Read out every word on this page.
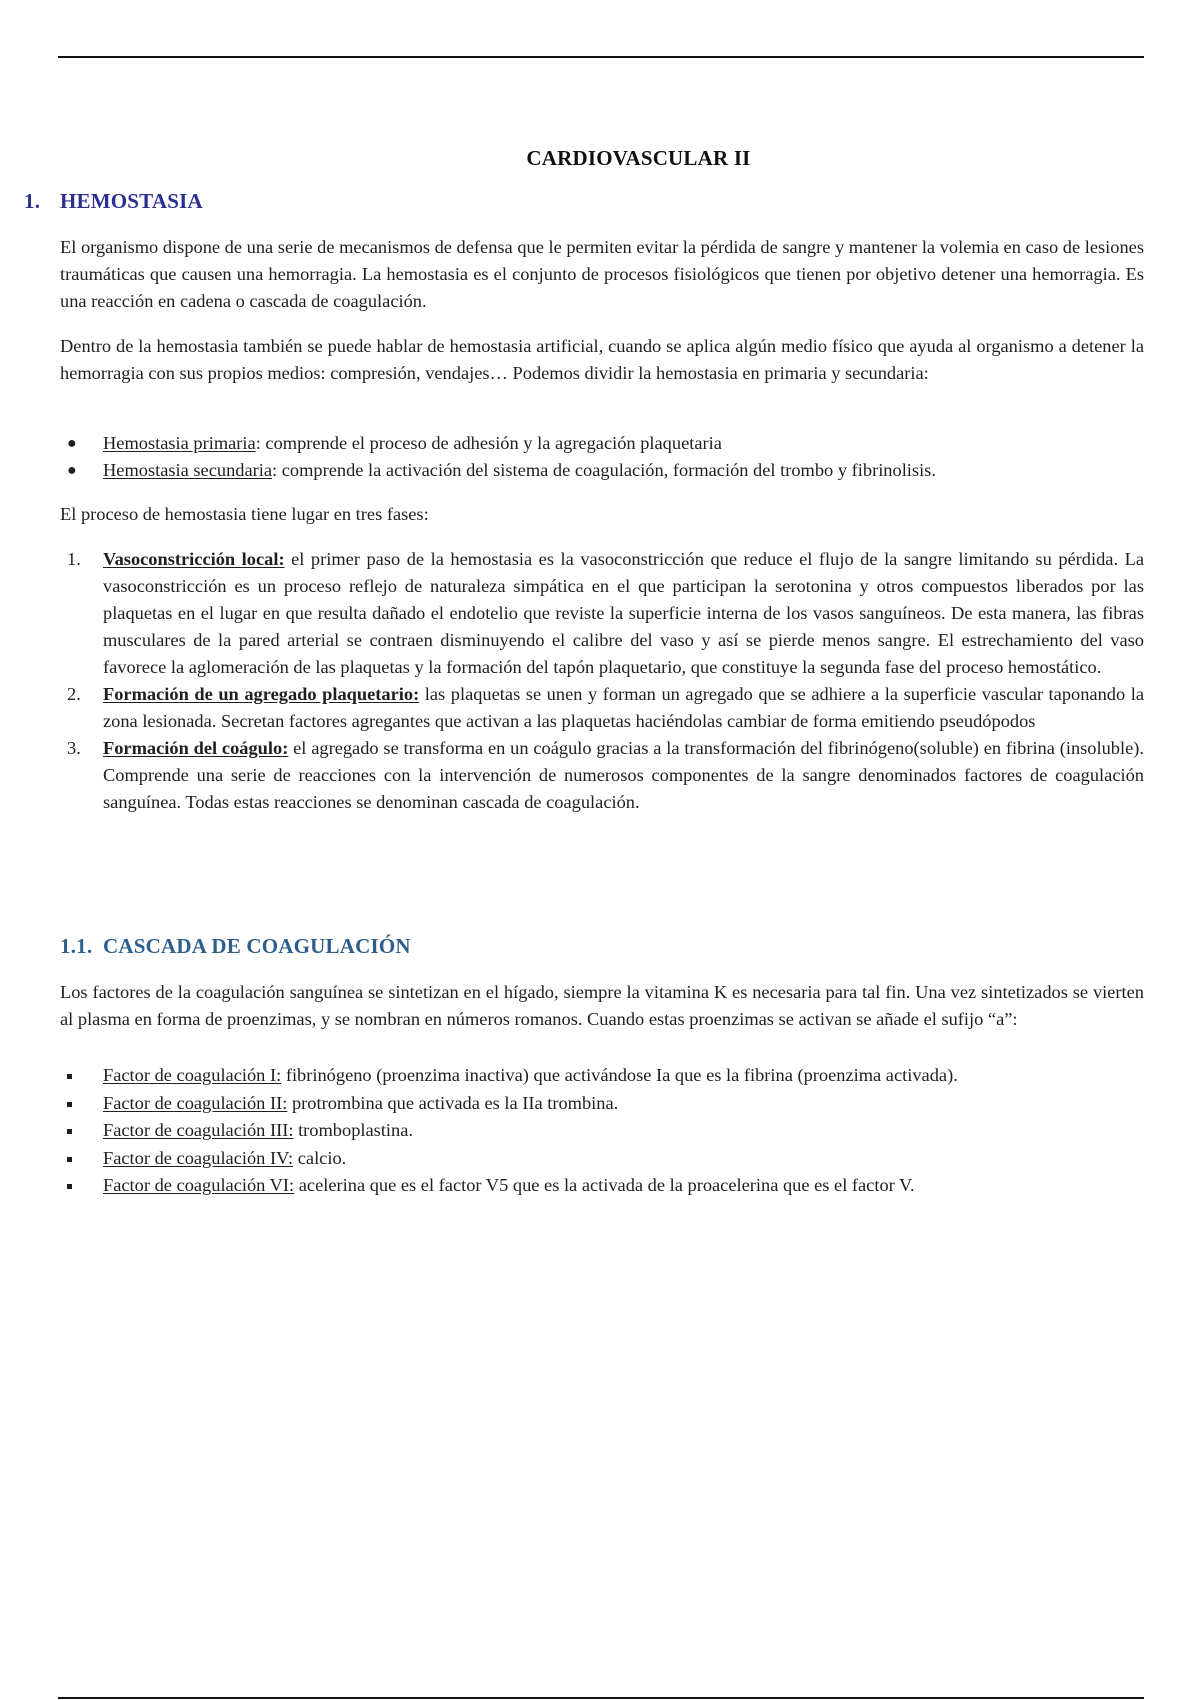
CARDIOVASCULAR II
1. HEMOSTASIA
El organismo dispone de una serie de mecanismos de defensa que le permiten evitar la pérdida de sangre y mantener la volemia en caso de lesiones traumáticas que causen una hemorragia. La hemostasia es el conjunto de procesos fisiológicos que tienen por objetivo detener una hemorragia. Es una reacción en cadena o cascada de coagulación.
Dentro de la hemostasia también se puede hablar de hemostasia artificial, cuando se aplica algún medio físico que ayuda al organismo a detener la hemorragia con sus propios medios: compresión, vendajes… Podemos dividir la hemostasia en primaria y secundaria:
● Hemostasia primaria: comprende el proceso de adhesión y la agregación plaquetaria
● Hemostasia secundaria: comprende la activación del sistema de coagulación, formación del trombo y fibrinolisis.
El proceso de hemostasia tiene lugar en tres fases:
1. Vasoconstricción local: el primer paso de la hemostasia es la vasoconstricción que reduce el flujo de la sangre limitando su pérdida. La vasoconstricción es un proceso reflejo de naturaleza simpática en el que participan la serotonina y otros compuestos liberados por las plaquetas en el lugar en que resulta dañado el endotelio que reviste la superficie interna de los vasos sanguíneos. De esta manera, las fibras musculares de la pared arterial se contraen disminuyendo el calibre del vaso y así se pierde menos sangre. El estrechamiento del vaso favorece la aglomeración de las plaquetas y la formación del tapón plaquetario, que constituye la segunda fase del proceso hemostático.
2. Formación de un agregado plaquetario: las plaquetas se unen y forman un agregado que se adhiere a la superficie vascular taponando la zona lesionada. Secretan factores agregantes que activan a las plaquetas haciéndolas cambiar de forma emitiendo pseudópodos
3. Formación del coágulo: el agregado se transforma en un coágulo gracias a la transformación del fibrinógeno(soluble) en fibrina (insoluble). Comprende una serie de reacciones con la intervención de numerosos componentes de la sangre denominados factores de coagulación sanguínea. Todas estas reacciones se denominan cascada de coagulación.
1.1. CASCADA DE COAGULACIÓN
Los factores de la coagulación sanguínea se sintetizan en el hígado, siempre la vitamina K es necesaria para tal fin. Una vez sintetizados se vierten al plasma en forma de proenzimas, y se nombran en números romanos. Cuando estas proenzimas se activan se añade el sufijo “a”:
Factor de coagulación I: fibrinógeno (proenzima inactiva) que activándose Ia que es la fibrina (proenzima activada).
Factor de coagulación II: protrombina que activada es la IIa trombina.
Factor de coagulación III: tromboplastina.
Factor de coagulación IV: calcio.
Factor de coagulación VI: acelerina que es el factor V5 que es la activada de la proacelerina que es el factor V.
